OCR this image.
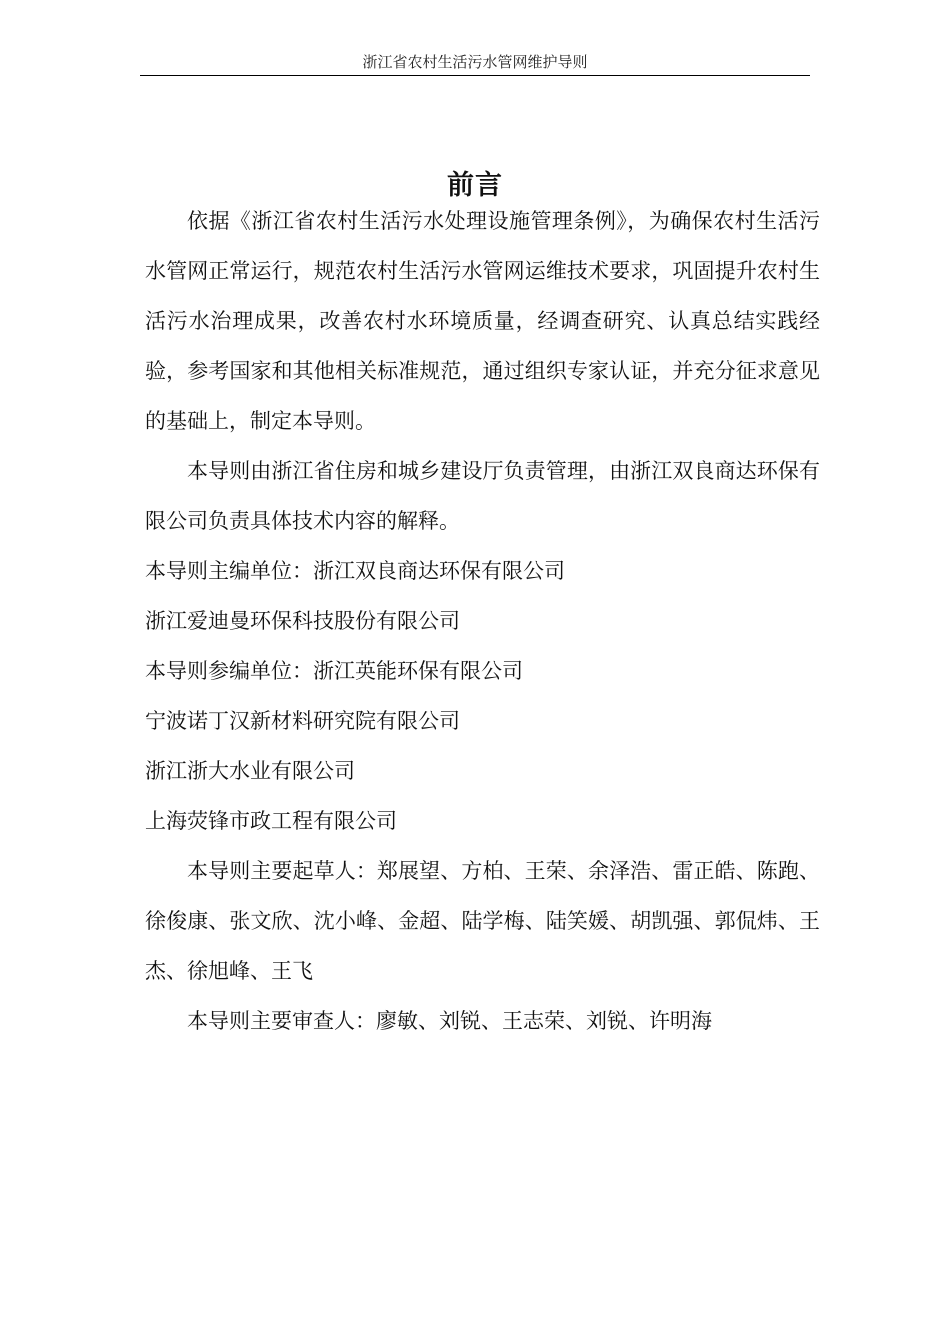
浙江省农村生活污水管网维护导则
前言

依据《浙江省农村生活污水处理设施管理条例》，为确保农村生活污水管网正常运行，规范农村生活污水管网运维技术要求，巩固提升农村生活污水治理成果，改善农村水环境质量，经调查研究、认真总结实践经验，参考国家和其他相关标准规范，通过组织专家认证，并充分征求意见的基础上，制定本导则。

本导则由浙江省住房和城乡建设厅负责管理，由浙江双良商达环保有限公司负责具体技术内容的解释。

本导则主编单位：浙江双良商达环保有限公司

浙江爱迪曼环保科技股份有限公司

本导则参编单位：浙江英能环保有限公司

宁波诺丁汉新材料研究院有限公司

浙江浙大水业有限公司

上海荧锋市政工程有限公司

本导则主要起草人：郑展望、方柏、王荣、余泽浩、雷正皓、陈跑、徐俊康、张文欣、沈小峰、金超、陆学梅、陆笑媛、胡凯强、郭侃炜、王杰、徐旭峰、王飞

本导则主要审查人：廖敏、刘锐、王志荣、刘锐、许明海
